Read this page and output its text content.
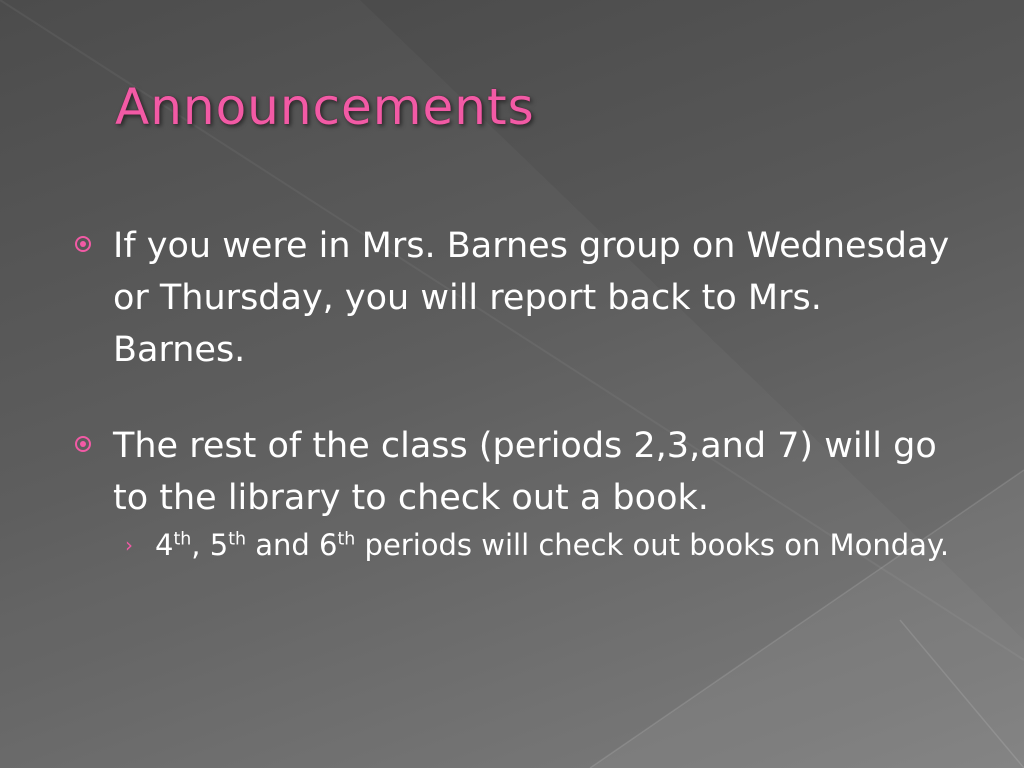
Announcements
If you were in Mrs. Barnes group on Wednesday or Thursday, you will report back to Mrs. Barnes.
The rest of the class (periods 2,3,and 7) will go to the library to check out a book.
› 4th, 5th and 6th periods will check out books on Monday.
